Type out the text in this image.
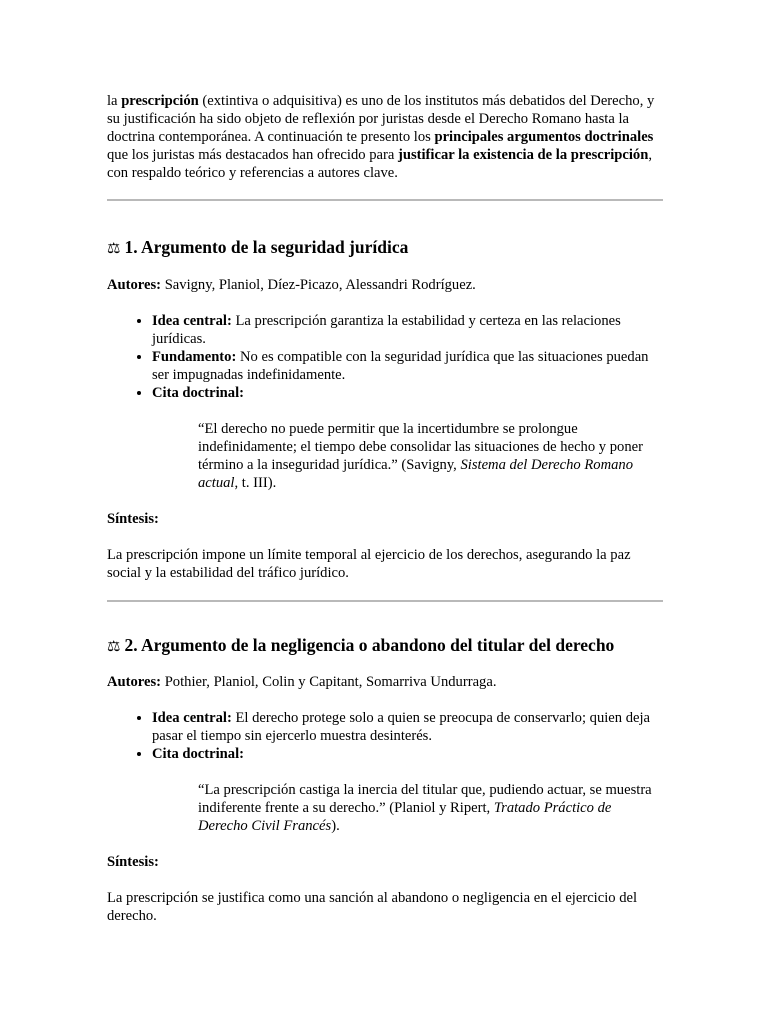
la prescripción (extintiva o adquisitiva) es uno de los institutos más debatidos del Derecho, y su justificación ha sido objeto de reflexión por juristas desde el Derecho Romano hasta la doctrina contemporánea. A continuación te presento los principales argumentos doctrinales que los juristas más destacados han ofrecido para justificar la existencia de la prescripción, con respaldo teórico y referencias a autores clave.

⚖ 1. Argumento de la seguridad jurídica

Autores: Savigny, Planiol, Díez-Picazo, Alessandri Rodríguez.

• Idea central: La prescripción garantiza la estabilidad y certeza en las relaciones jurídicas.
• Fundamento: No es compatible con la seguridad jurídica que las situaciones puedan ser impugnadas indefinidamente.
• Cita doctrinal:
“El derecho no puede permitir que la incertidumbre se prolongue indefinidamente; el tiempo debe consolidar las situaciones de hecho y poner término a la inseguridad jurídica.” (Savigny, Sistema del Derecho Romano actual, t. III).

Síntesis:

La prescripción impone un límite temporal al ejercicio de los derechos, asegurando la paz social y la estabilidad del tráfico jurídico.

⚖ 2. Argumento de la negligencia o abandono del titular del derecho

Autores: Pothier, Planiol, Colin y Capitant, Somarriva Undurraga.

• Idea central: El derecho protege solo a quien se preocupa de conservarlo; quien deja pasar el tiempo sin ejercerlo muestra desinterés.
• Cita doctrinal:
“La prescripción castiga la inercia del titular que, pudiendo actuar, se muestra indiferente frente a su derecho.” (Planiol y Ripert, Tratado Práctico de Derecho Civil Francés).

Síntesis:

La prescripción se justifica como una sanción al abandono o negligencia en el ejercicio del derecho.
